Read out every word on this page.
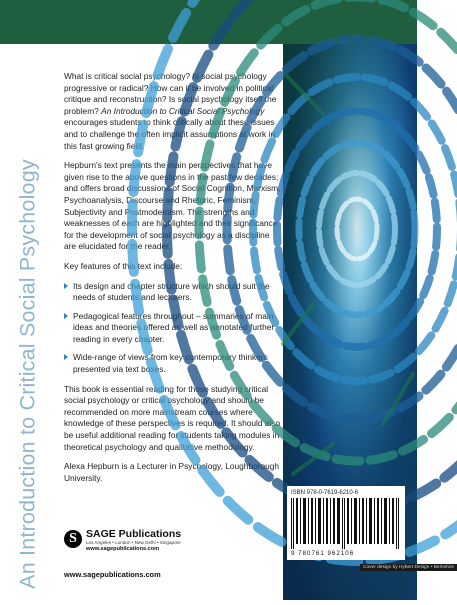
An Introduction to Critical Social Psychology

What is critical social psychology? Is social psychology progressive or radical? How can it be involved in political critique and reconstruction? Is social psychology itself the problem? An Introduction to Critical Social Psychology encourages students to think critically about these issues and to challenge the often implicit assumptions at work in this fast growing field.

Hepburn's text presents the main perspectives that have given rise to the above questions in the past few decades; and offers broad discussions of Social Cognition, Marxism, Psychoanalysis, Discourse and Rhetoric, Feminism, Subjectivity and Postmodernism. The strengths and weaknesses of each are highlighted and their significance for the development of social psychology as a discipline are elucidated for the reader.

Key features of this text include:

Its design and chapter structure which should suit the needs of students and lecturers.
Pedagogical features throughout – summaries of main ideas and theories offered as well as annotated further reading in every chapter.
Wide-range of views from key contemporary thinkers presented via text boxes.

This book is essential reading for those studying critical social psychology or critical psychology and should be recommended on more mainstream courses where knowledge of these perspectives is required. It should also be useful additional reading for students taking modules in theoretical psychology and qualitative methodology.

Alexa Hepburn is a Lecturer in Psychology, Loughborough University.

ISBN 978-0-7619-6210-6
9 780761 962106
Cover design by Hybert Design • Berkshire
S SAGE Publications
Los Angeles • London • New Delhi • Singapore
www.sagepublications.com
www.sagepublications.com
